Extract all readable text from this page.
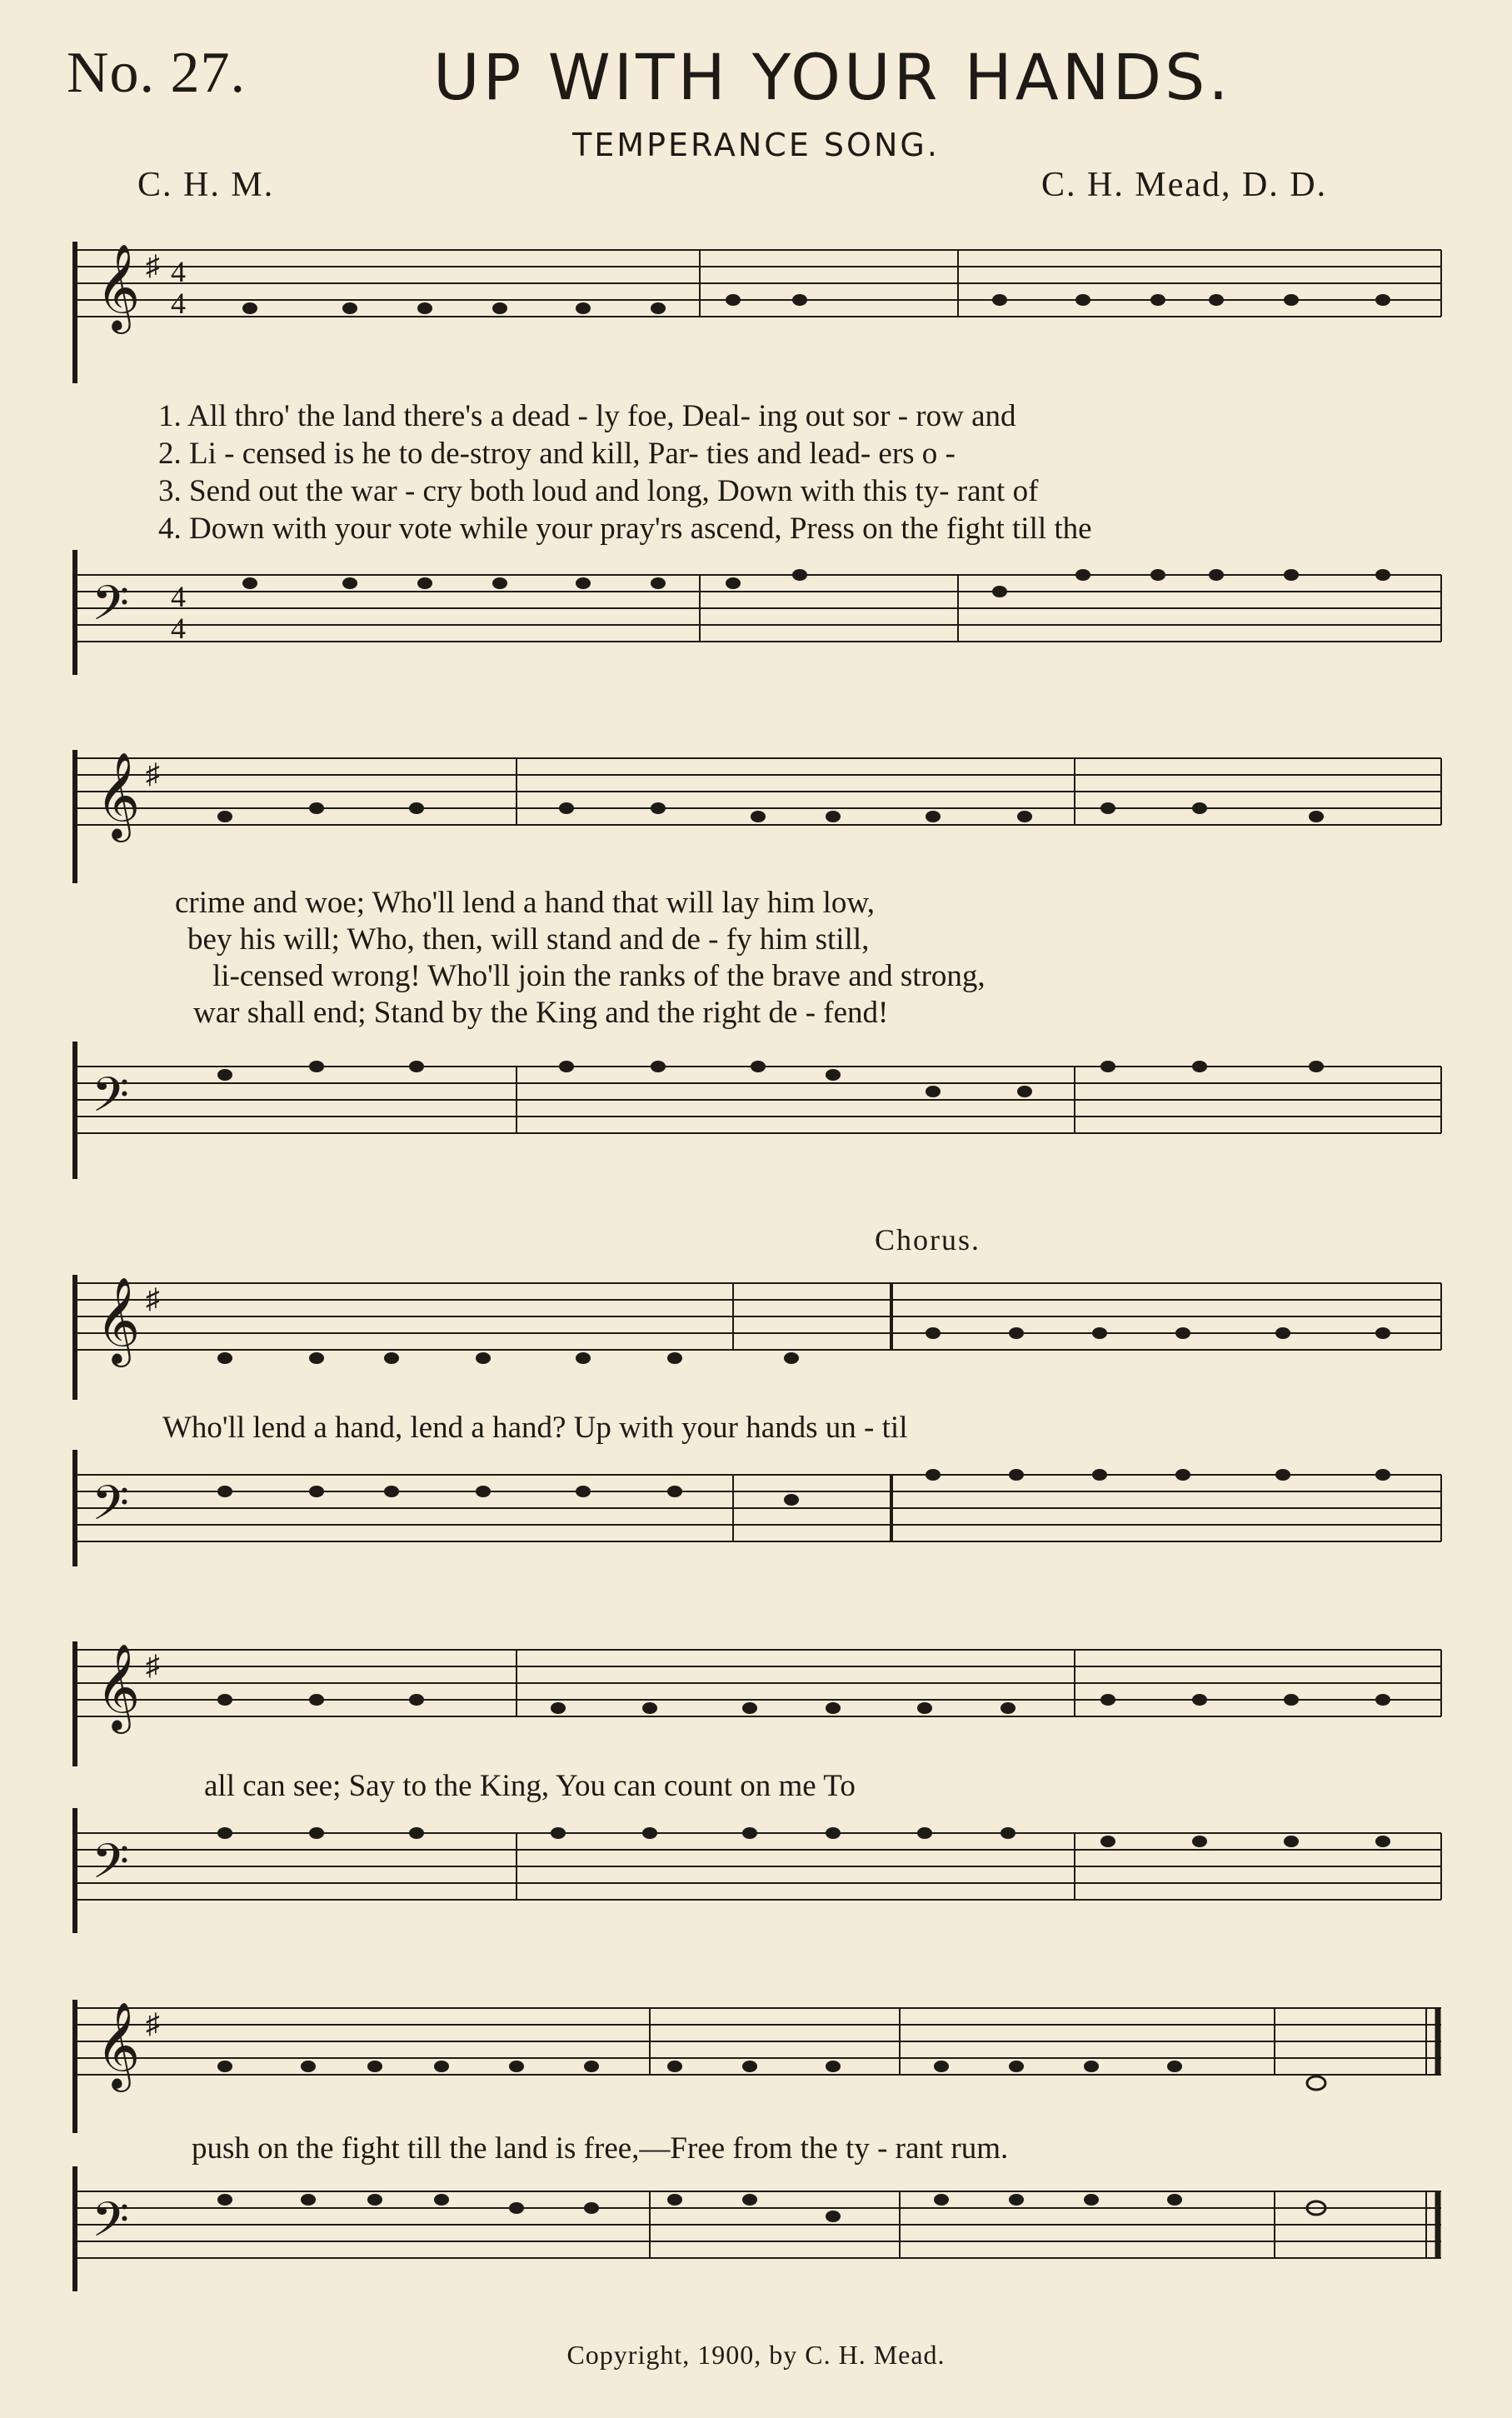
No. 27.	UP WITH YOUR HANDS.
TEMPERANCE SONG.
C. H. M.	C. H. Mead, D. D.
𝄞 4
4
♯
1. All thro' the land there's a dead - ly foe, Deal- ing out sor - row and
2. Li - censed is he to de-stroy and kill, Par- ties and lead- ers o -
3. Send out the war - cry both loud and long, Down with this ty- rant of
4. Down with your vote while your pray'rs ascend, Press on the fight till the
𝄢 4
4
𝄞 ♯
crime and woe; Who'll lend a hand that will lay him low,
bey his will; Who, then, will stand and de - fy him still,
li-censed wrong! Who'll join the ranks of the brave and strong,
war shall end; Stand by the King and the right de - fend!
𝄢
Chorus.
𝄞 ♯
Who'll lend a hand, lend a hand? Up with your hands un - til
𝄢
𝄞 ♯
all can see; Say to the King, You can count on me To
𝄢
𝄞 ♯
push on the fight till the land is free,—Free from the ty - rant rum.
𝄢
Copyright, 1900, by C. H. Mead.
